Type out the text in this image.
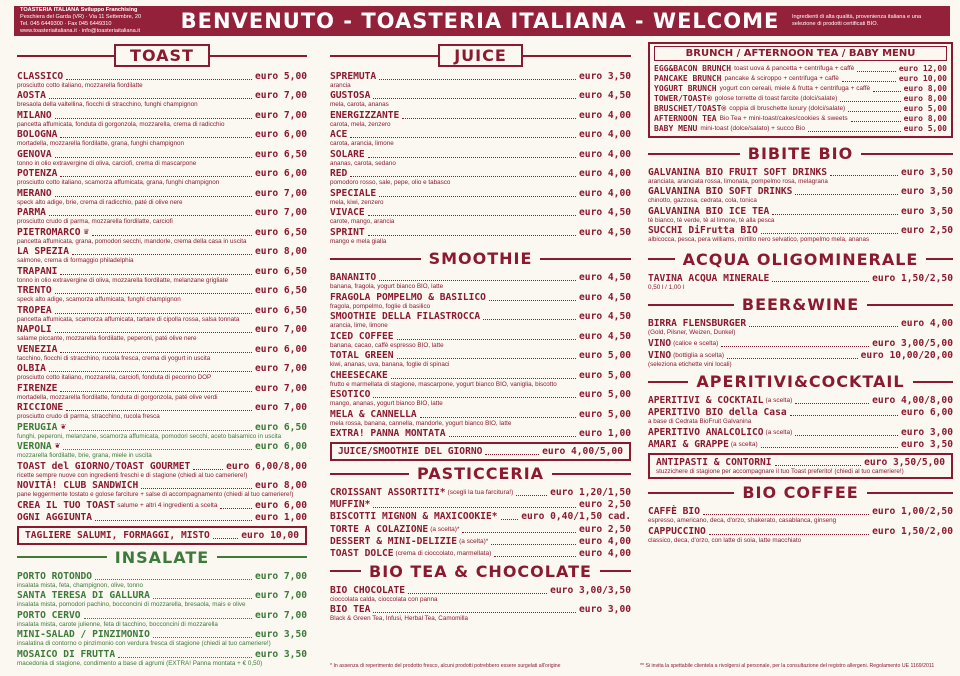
TOASTERIA ITALIANA Sviluppo Franchising
Peschiera del Garda (VR) · Via 11 Settembre, 20
Tel. 045 6449300 · Fax 045 6449310
www.toasteriaitaliana.it · info@toasteriaitaliana.it	BENVENUTO - TOASTERIA ITALIANA - WELCOME	Ingredienti di alta qualità, provenienza italiana e una selezione di prodotti certificati BIO.
TOAST
CLASSICO	euro 5,00
prosciutto cotto italiano, mozzarella fiordilatte
AOSTA	euro 7,00
bresaola della valtellina, fiocchi di stracchino, funghi champignon
MILANO	euro 7,00
pancetta affumicata, fonduta di gorgonzola, mozzarella, crema di radicchio
BOLOGNA	euro 6,00
mortadella, mozzarella fiordilatte, grana, funghi champignon
GENOVA	euro 6,50
tonno in olio extravergine di oliva, carciofi, crema di mascarpone
POTENZA	euro 6,00
prosciutto cotto italiano, scamorza affumicata, grana, funghi champignon
MERANO	euro 7,00
speck alto adige, brie, crema di radicchio, paté di olive nere
PARMA	euro 7,00
prosciutto crudo di parma, mozzarella fiordilatte, carciofi
PIETROMARCO ♛	euro 6,50
pancetta affumicata, grana, pomodori secchi, mandorle, crema della casa in uscita
LA SPEZIA	euro 8,00
salmone, crema di formaggio philadelphia
TRAPANI	euro 6,50
tonno in olio extravergine di oliva, mozzarella fiordilatte, melanzane grigliate
TRENTO	euro 6,50
speck alto adige, scamorza affumicata, funghi champignon
TROPEA	euro 6,50
pancetta affumicata, scamorza affumicata, tartare di cipolla rossa, salsa tonnata
NAPOLI	euro 7,00
salame piccante, mozzarella fiordilatte, peperoni, paté olive nere
VENEZIA	euro 6,00
tacchino, fiocchi di stracchino, rucola fresca, crema di yogurt in uscita
OLBIA	euro 7,00
prosciutto cotto italiano, mozzarella, carciofi, fonduta di pecorino DOP
FIRENZE	euro 7,00
mortadella, mozzarella fiordilatte, fonduta di gorgonzola, paté olive verdi
RICCIONE	euro 7,00
prosciutto crudo di parma, stracchino, rucola fresca
PERUGIA ❦	euro 6,50
funghi, peperoni, melanzane, scamorza affumicata, pomodori secchi, aceto balsamico in uscita
VERONA ❦	euro 6,00
mozzarella fiordilatte, brie, grana, miele in uscita
TOAST del GIORNO/TOAST GOURMET	euro 6,00/8,00
ricette sempre nuove con ingredienti freschi e di stagione (chiedi al tuo cameriere!)
NOVITÀ! CLUB SANDWICH	euro 8,00
pane leggermente tostato e golose farciture + salse di accompagnamento (chiedi al tuo cameriere!)
CREA IL TUO TOAST salume + altri 4 ingredienti a scelta	euro 6,00
OGNI AGGIUNTA	euro 1,00
TAGLIERE SALUMI, FORMAGGI, MISTO	euro 10,00
INSALATE
PORTO ROTONDO	euro 7,00
insalata mista, feta, champignon, olive, tonno
SANTA TERESA DI GALLURA	euro 7,00
insalata mista, pomodori pachino, bocconcini di mozzarella, bresaola, mais e olive
PORTO CERVO	euro 7,00
insalata mista, carote julienne, feta di tacchino, bocconcini di mozzarella
MINI-SALAD / PINZIMONIO	euro 3,50
insalatina di contorno o pinzimonio con verdura fresca di stagione (chiedi al tuo cameriere!)
MOSAICO DI FRUTTA	euro 3,50
macedonia di stagione, condimento a base di agrumi (EXTRA! Panna montata + € 0,50)
JUICE
SPREMUTA	euro 3,50
arancia
GUSTOSA	euro 4,50
mela, carota, ananas
ENERGIZZANTE	euro 4,00
carota, mela, zenzero
ACE	euro 4,00
carota, arancia, limone
SOLARE	euro 4,00
ananas, carota, sedano
RED	euro 4,00
pomodoro rosso, sale, pepe, olio e tabasco
SPECIALE	euro 4,00
mela, kiwi, zenzero
VIVACE	euro 4,50
carote, mango, arancia
SPRINT	euro 4,50
mango e mela gialla
SMOOTHIE
BANANITO	euro 4,50
banana, fragola, yogurt bianco BIO, latte
FRAGOLA POMPELMO & BASILICO	euro 4,50
fragola, pompelmo, foglie di basilico
SMOOTHIE DELLA FILASTROCCA	euro 4,50
arancia, lime, limone
ICED COFFEE	euro 4,50
banana, cacao, caffè espresso BIO, latte
TOTAL GREEN	euro 5,00
kiwi, ananas, uva, banana, foglie di spinaci
CHEESECAKE	euro 5,00
frutto e marmellata di stagione, mascarpone, yogurt bianco BIO, vaniglia, biscotto
ESOTICO	euro 5,00
mango, ananas, yogurt bianco BIO, latte
MELA & CANNELLA	euro 5,00
mela rossa, banana, cannella, mandorle, yogurt bianco BIO, latte
EXTRA! PANNA MONTATA	euro 1,00
JUICE/SMOOTHIE DEL GIORNO	euro 4,00/5,00
PASTICCERIA
CROISSANT ASSORTITI* (scegli la tua farcitura!)	euro 1,20/1,50
MUFFIN*	euro 2,50
BISCOTTI MIGNON & MAXICOOKIE* euro 0,40/1,50 cad.
TORTE A COLAZIONE (a scelta)*	euro 2,50
DESSERT & MINI-DELIZIE (a scelta)*	euro 4,00
TOAST DOLCE (crema di cioccolato, marmellata)	euro 4,00
BIO TEA & CHOCOLATE
BIO CHOCOLATE	euro 3,00/3,50
cioccolata calda, cioccolata con panna
BIO TEA	euro 3,00
Black & Green Tea, Infusi, Herbal Tea, Camomilla
BRUNCH / AFTERNOON TEA / BABY MENU
EGG&BACON BRUNCH toast uova & pancetta + centrifuga + caffè	euro 12,00
PANCAKE BRUNCH pancake & sciroppo + centrifuga + caffè	euro 10,00
YOGURT BRUNCH yogurt con cereali, miele & frutta + centrifuga + caffè	euro 8,00
TOWER/TOAST® golose torrette di toast farcite (dolci/salate)	euro 8,00
BRUSCHET/TOAST® coppia di bruschette luxury (dolci/salate)	euro 5,00
AFTERNOON TEA Bio Tea + mini-toast/cakes/cookies & sweets	euro 8,00
BABY MENU mini-toast (dolce/salato) + succo Bio	euro 5,00
BIBITE BIO
GALVANINA BIO FRUIT SOFT DRINKS	euro 3,50
aranciata, aranciata rossa, limonata, pompelmo rosa, melagrana
GALVANINA BIO SOFT DRINKS	euro 3,50
chinotto, gazzosa, cedrata, cola, tonica
GALVANINA BIO ICE TEA	euro 3,50
tè bianco, tè verde, tè al limone, tè alla pesca
SUCCHI DiFrutta BIO	euro 2,50
albicocca, pesca, pera williams, mirtillo nero selvatico, pompelmo mela, ananas
ACQUA OLIGOMINERALE
TAVINA ACQUA MINERALE	euro 1,50/2,50
0,50 l / 1,00 l
BEER&WINE
BIRRA FLENSBURGER	euro 4,00
(Gold, Pilsner, Weizen, Dunkel)
VINO (calice e scelta)	euro 3,00/5,00
VINO (bottiglia a scelta)	euro 10,00/20,00
(seleziona etichette vini locali)
APERITIVI&COCKTAIL
APERITIVI & COCKTAIL (a scelta)	euro 4,00/8,00
APERITIVO BIO della Casa	euro 6,00
a base di Cedrata BioFruit Galvanina
APERITIVO ANALCOLICO (a scelta)	euro 3,00
AMARI & GRAPPE (a scelta)	euro 3,50
ANTIPASTI & CONTORNI	euro 3,50/5,00
stuzzichere di stagione per accompagnare il tuo Toast preferito! (chiedi al tuo cameriere!)
BIO COFFEE
CAFFÈ BIO	euro 1,00/2,50
espresso, americano, deca, d'orzo, shakerato, casablanca, ginseng
CAPPUCCINO	euro 1,50/2,00
classico, deca, d'orzo, con latte di soia, latte macchiato
* In assenza di reperimento del prodotto fresco, alcuni prodotti potrebbero essere surgelati all'origine	** Si invita la spettabile clientela a rivolgersi al personale, per la consultazione del registro allergeni. Regolamento UE 1169/2011
